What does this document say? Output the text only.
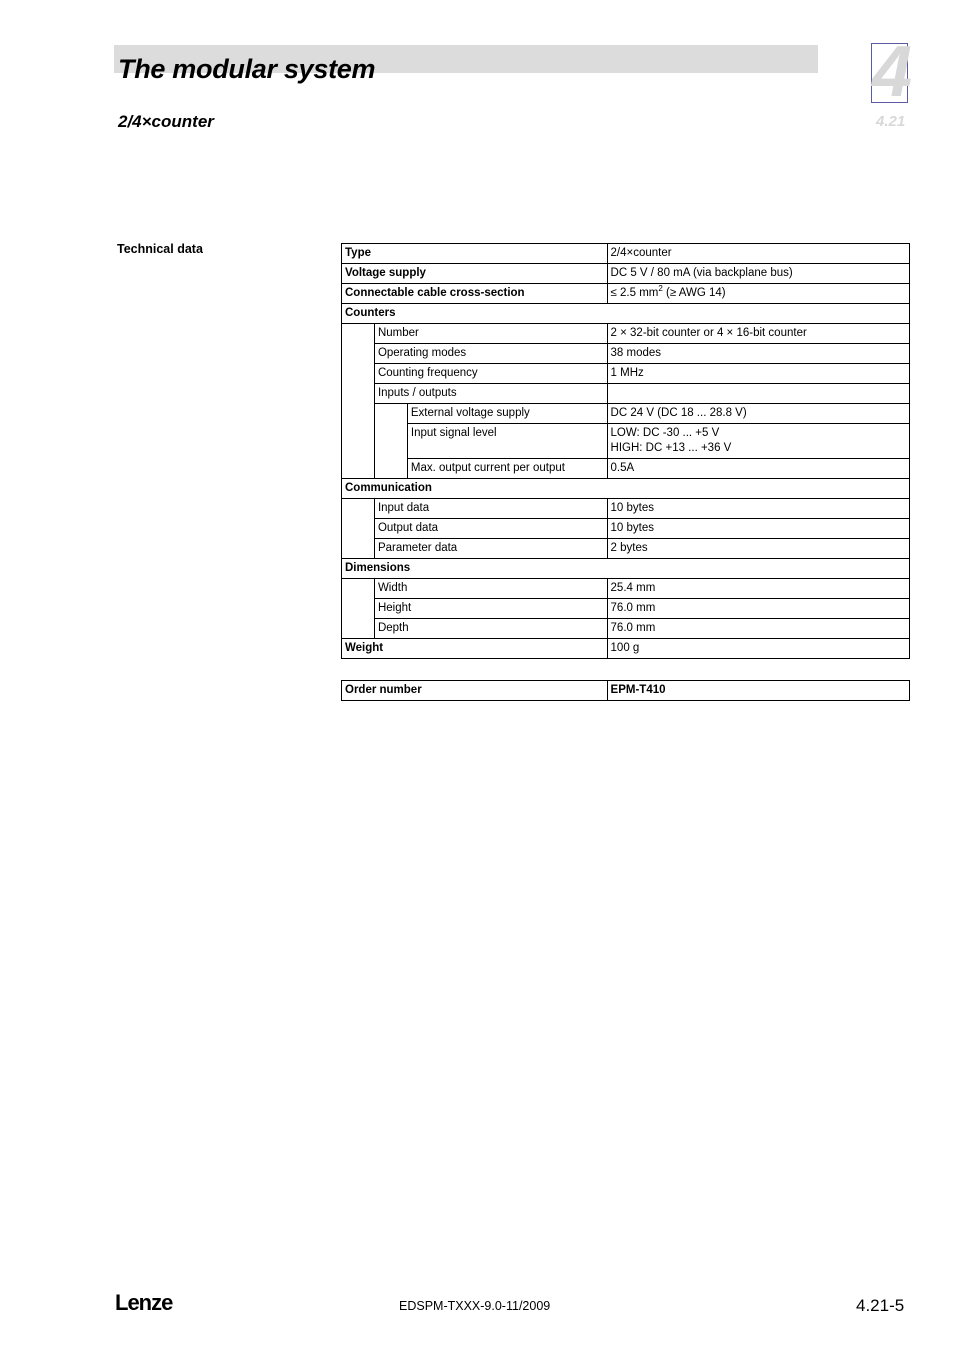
The modular system
2/4×counter
4
4.21
Technical data	Type			2/4×counter
Voltage supply			DC 5 V / 80 mA (via backplane bus)
Connectable cable cross-section			≤ 2.5 $mm^2$ (≥ AWG 14)
Counters			
	Number		2 × 32-bit counter or 4 × 16-bit counter
	Operating modes		38 modes
	Counting frequency		1 MHz
	Inputs / outputs		
		External voltage supply	DC 24 V (DC 18 ... 28.8 V)
		Input signal level	LOW: DC -30 ... +5 V
HIGH: DC +13 ... +36 V

		Max. output current per output	0.5A
Communication			
	Input data		10 bytes
	Output data		10 bytes
	Parameter data		2 bytes
Dimensions			
	Width		25.4 mm
	Height		76.0 mm
	Depth		76.0 mm
Weight			100 g
Order number	EPM-T410
Lenze	EDSPM-TXXX-9.0-11/2009	4.21-5
